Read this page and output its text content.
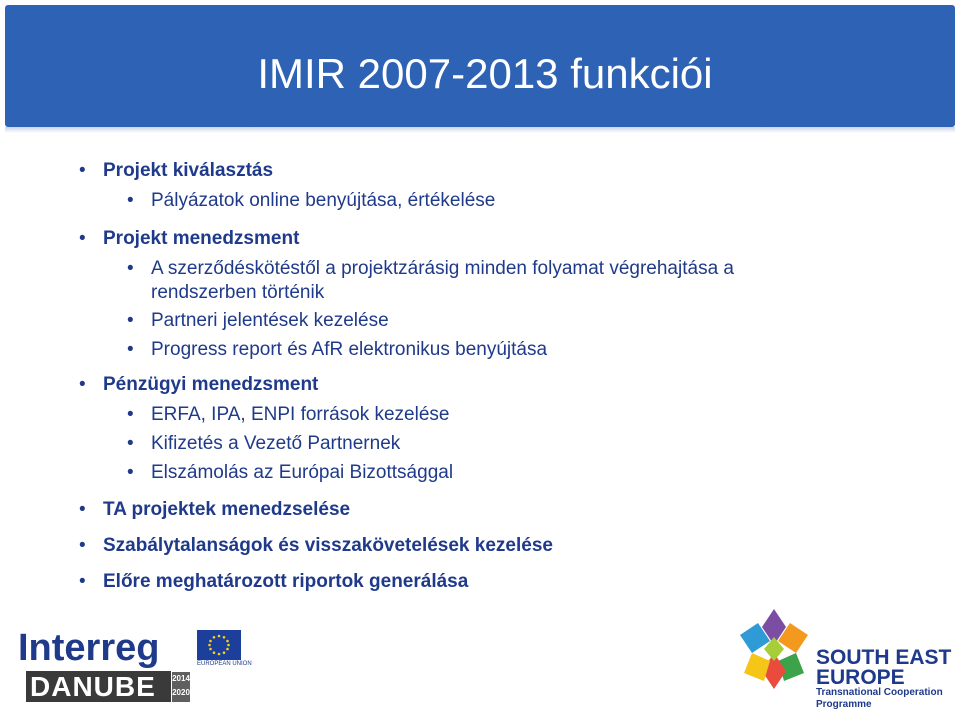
IMIR 2007-2013 funkciói
• Projekt kiválasztás
• Pályázatok online benyújtása, értékelése
• Projekt menedzsment
• A szerződéskötéstől a projektzárásig minden folyamat végrehajtása a rendszerben történik
• Partneri jelentések kezelése
• Progress report és AfR elektronikus benyújtása
• Pénzügyi menedzsment
• ERFA, IPA, ENPI források kezelése
• Kifizetés a Vezető Partnernek
• Elszámolás az Európai Bizottsággal
• TA projektek menedzselése
• Szabálytalanságok és visszakövetelések kezelése
• Előre meghatározott riportok generálása
Interreg	EUROPEAN UNION
DANUBE 2014
2020
SOUTH EAST
EUROPE
Transnational Cooperation Programme
